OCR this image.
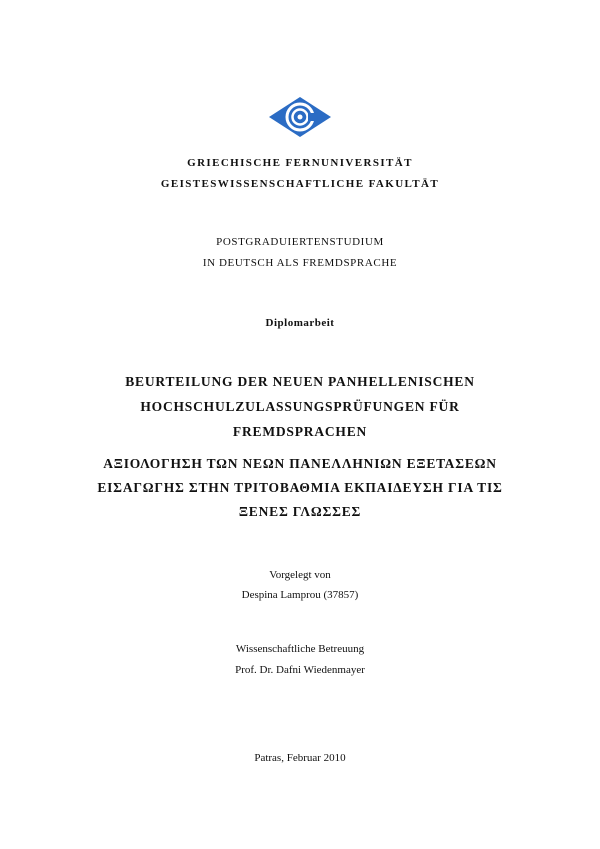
GRIECHISCHE FERNUNIVERSITÄT
GEISTESWISSENSCHAFTLICHE FAKULTÄT
POSTGRADUIERTENSTUDIUM
IN DEUTSCH ALS FREMDSPRACHE
Diplomarbeit
BEURTEILUNG DER NEUEN PANHELLENISCHEN
HOCHSCHULZULASSUNGSPRÜFUNGEN FÜR
FREMDSPRACHEN
ΑΞΙΟΛΟΓΗΣΗ ΤΩΝ ΝΕΩΝ ΠΑΝΕΛΛΗΝΙΩΝ ΕΞΕΤΑΣΕΩΝ
ΕΙΣΑΓΩΓΗΣ ΣΤΗΝ ΤΡΙΤΟΒΑΘΜΙΑ ΕΚΠΑΙΔΕΥΣΗ ΓΙΑ ΤΙΣ
ΞΕΝΕΣ ΓΛΩΣΣΕΣ
Vorgelegt von
Despina Lamprou (37857)
Wissenschaftliche Betreuung
Prof. Dr. Dafni Wiedenmayer
Patras, Februar 2010
